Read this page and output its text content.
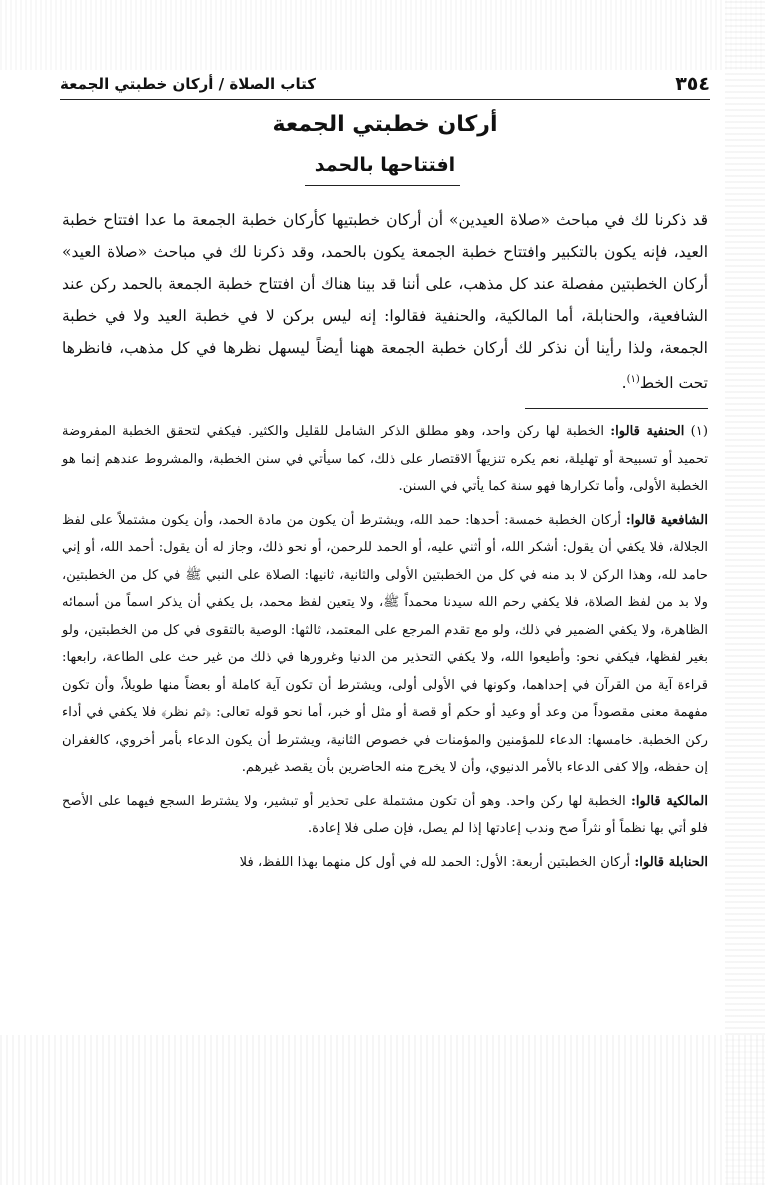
٣٥٤
كتاب الصلاة / أركان خطبتي الجمعة
أركان خطبتي الجمعة
افتتاحها بالحمد
قد ذكرنا لك في مباحث «صلاة العيدين» أن أركان خطبتيها كأركان خطبة الجمعة ما عدا افتتاح خطبة العيد، فإنه يكون بالتكبير وافتتاح خطبة الجمعة يكون بالحمد، وقد ذكرنا لك في مباحث «صلاة العيد» أركان الخطبتين مفصلة عند كل مذهب، على أننا قد بينا هناك أن افتتاح خطبة الجمعة بالحمد ركن عند الشافعية، والحنابلة، أما المالكية، والحنفية فقالوا: إنه ليس بركن لا في خطبة العيد ولا في خطبة الجمعة، ولذا رأينا أن نذكر لك أركان خطبة الجمعة ههنا أيضاً ليسهل نظرها في كل مذهب، فانظرها تحت الخط$^{(١)}$.

(١) الحنفية قالوا: الخطبة لها ركن واحد، وهو مطلق الذكر الشامل للقليل والكثير. فيكفي لتحقق الخطبة المفروضة تحميد أو تسبيحة أو تهليلة، نعم يكره تنزيهاً الاقتصار على ذلك، كما سيأتي في سنن الخطبة، والمشروط عندهم إنما هو الخطبة الأولى، وأما تكرارها فهو سنة كما يأتي في السنن.

الشافعية قالوا: أركان الخطبة خمسة: أحدها: حمد الله، ويشترط أن يكون من مادة الحمد، وأن يكون مشتملاً على لفظ الجلالة، فلا يكفي أن يقول: أشكر الله، أو أثني عليه، أو الحمد للرحمن، أو نحو ذلك، وجاز له أن يقول: أحمد الله، أو إني حامد لله، وهذا الركن لا بد منه في كل من الخطبتين الأولى والثانية، ثانيها: الصلاة على النبي ﷺ في كل من الخطبتين، ولا بد من لفظ الصلاة، فلا يكفي رحم الله سيدنا محمداً ﷺ، ولا يتعين لفظ محمد، بل يكفي أن يذكر اسماً من أسمائه الظاهرة، ولا يكفي الضمير في ذلك، ولو مع تقدم المرجع على المعتمد، ثالثها: الوصية بالتقوى في كل من الخطبتين، ولو بغير لفظها، فيكفي نحو: وأطيعوا الله، ولا يكفي التحذير من الدنيا وغرورها في ذلك من غير حث على الطاعة، رابعها: قراءة آية من القرآن في إحداهما، وكونها في الأولى أولى، ويشترط أن تكون آية كاملة أو بعضاً منها طويلاً، وأن تكون مفهمة معنى مقصوداً من وعد أو وعيد أو حكم أو قصة أو مثل أو خبر، أما نحو قوله تعالى: ﴿ثم نظر﴾ فلا يكفي في أداء ركن الخطبة. خامسها: الدعاء للمؤمنين والمؤمنات في خصوص الثانية، ويشترط أن يكون الدعاء بأمر أخروي، كالغفران إن حفظه، وإلا كفى الدعاء بالأمر الدنيوي، وأن لا يخرج منه الحاضرين بأن يقصد غيرهم.

المالكية قالوا: الخطبة لها ركن واحد. وهو أن تكون مشتملة على تحذير أو تبشير، ولا يشترط السجع فيهما على الأصح فلو أتي بها نظماً أو نثراً صح وندب إعادتها إذا لم يصل، فإن صلى فلا إعادة.

الحنابلة قالوا: أركان الخطبتين أربعة: الأول: الحمد لله في أول كل منهما بهذا اللفظ، فلا
